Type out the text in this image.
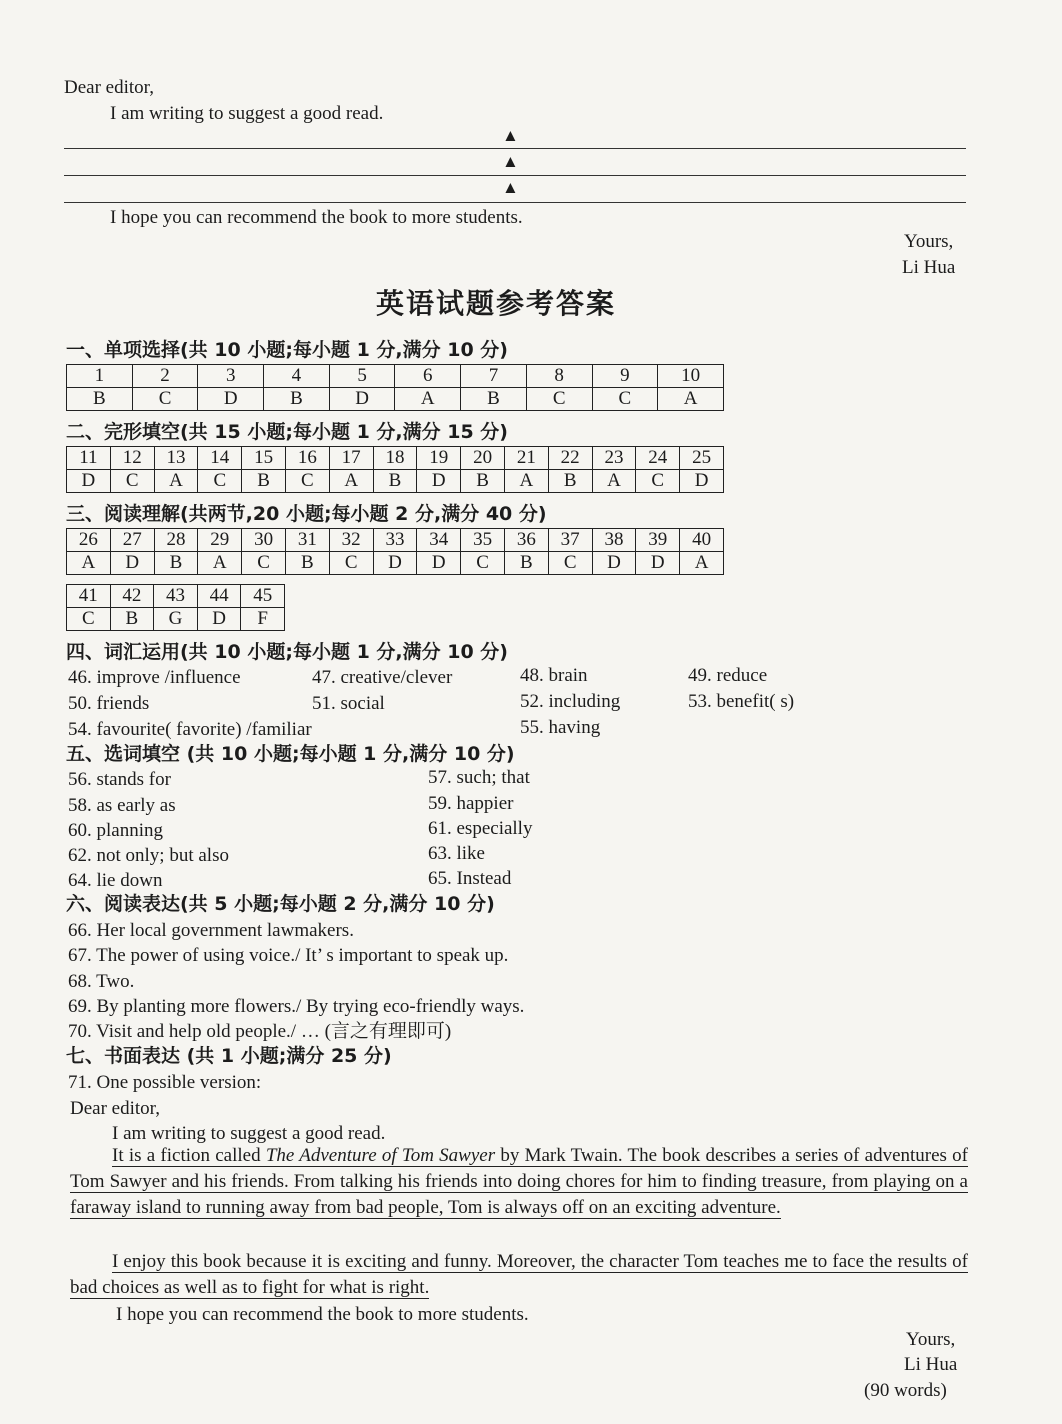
Dear editor,
I am writing to suggest a good read.
▲
▲
▲
I hope you can recommend the book to more students.
Yours,
Li Hua
英语试题参考答案
一、单项选择(共 10 小题;每小题 1 分,满分 10 分)
1	2	3	4	5	6	7	8	9	10
B	C	D	B	D	A	B	C	C	A
二、完形填空(共 15 小题;每小题 1 分,满分 15 分)
11	12	13	14	15	16	17	18	19	20	21	22	23	24	25
D	C	A	C	B	C	A	B	D	B	A	B	A	C	D
三、阅读理解(共两节,20 小题;每小题 2 分,满分 40 分)
26	27	28	29	30	31	32	33	34	35	36	37	38	39	40
A	D	B	A	C	B	C	D	D	C	B	C	D	D	A
41	42	43	44	45
C	B	G	D	F
四、词汇运用(共 10 小题;每小题 1 分,满分 10 分)
46. improve /influence	47. creative/clever	48. brain	49. reduce
50. friends	51. social	52. including	53. benefit( s)
54. favourite( favorite) /familiar	55. having
五、选词填空 (共 10 小题;每小题 1 分,满分 10 分)
56. stands for	57. such; that
58. as early as	59. happier
60. planning	61. especially
62. not only; but also	63. like
64. lie down	65. Instead
六、阅读表达(共 5 小题;每小题 2 分,满分 10 分)
66. Her local government lawmakers.
67. The power of using voice./ It’ s important to speak up.
68. Two.
69. By planting more flowers./ By trying eco-friendly ways.
70. Visit and help old people./ … (言之有理即可)
七、书面表达 (共 1 小题;满分 25 分)
71. One possible version:
Dear editor,
I am writing to suggest a good read.
It is a fiction called The Adventure of Tom Sawyer by Mark Twain. The book describes a series of adventures of Tom Sawyer and his friends. From talking his friends into doing chores for him to finding treasure, from playing on a faraway island to running away from bad people, Tom is always off on an exciting adventure.
I enjoy this book because it is exciting and funny. Moreover, the character Tom teaches me to face the results of bad choices as well as to fight for what is right.
I hope you can recommend the book to more students.
Yours,
Li Hua
(90 words)
